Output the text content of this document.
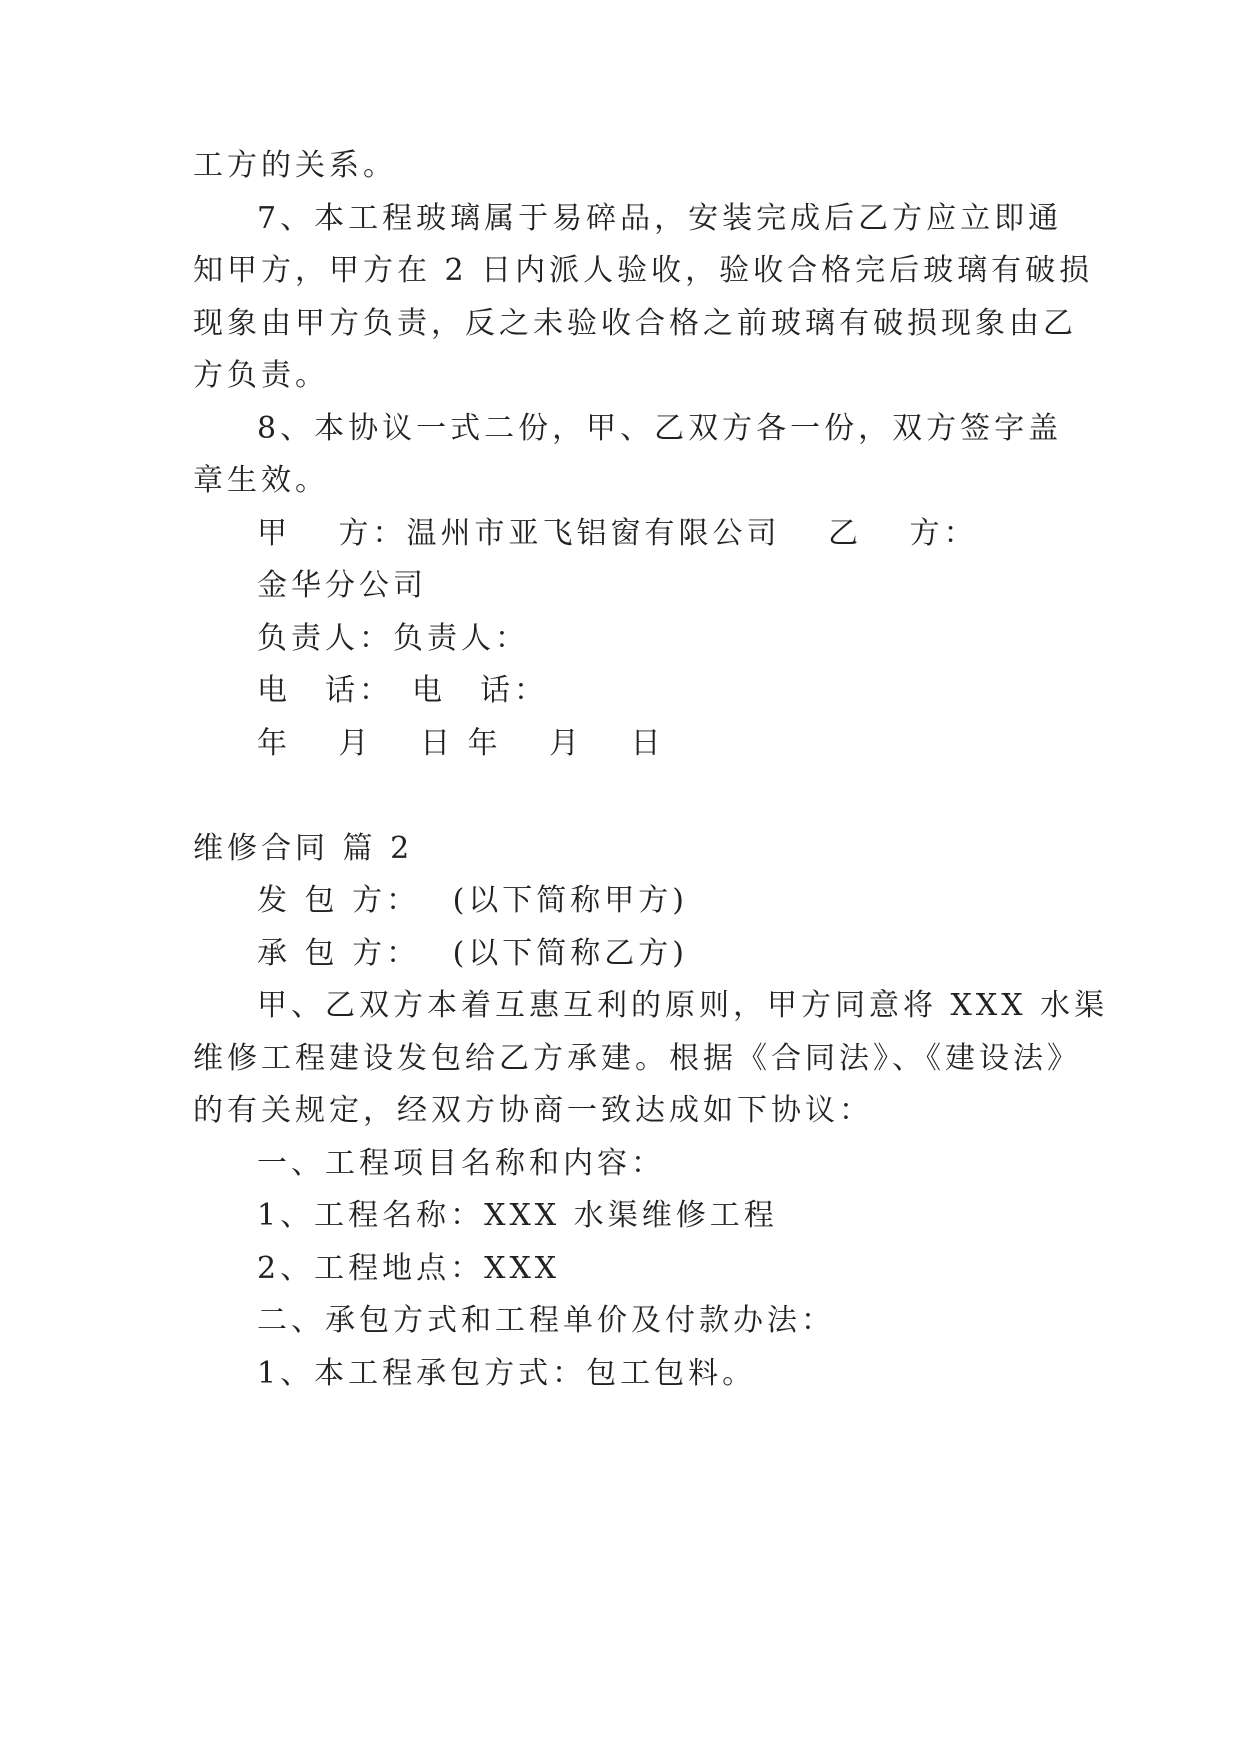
工方的关系。
7、本工程玻璃属于易碎品，安装完成后乙方应立即通
知甲方，甲方在 2 日内派人验收，验收合格完后玻璃有破损
现象由甲方负责，反之未验收合格之前玻璃有破损现象由乙
方负责。
8、本协议一式二份，甲、乙双方各一份，双方签字盖
章生效。
甲　 方：温州市亚飞铝窗有限公司　 乙　 方：
金华分公司
负责人：负责人：
电　话：　电　话：
年　 月　 日 年　 月　 日
维修合同 篇 2
发 包 方：　 (以下简称甲方)
承 包 方：　 (以下简称乙方)
甲、乙双方本着互惠互利的原则，甲方同意将 XXX 水渠
维修工程建设发包给乙方承建。根据《合同法》、《建设法》
的有关规定，经双方协商一致达成如下协议：
一、工程项目名称和内容：
1、工程名称：XXX 水渠维修工程
2、工程地点：XXX
二、承包方式和工程单价及付款办法：
1、本工程承包方式：包工包料。
